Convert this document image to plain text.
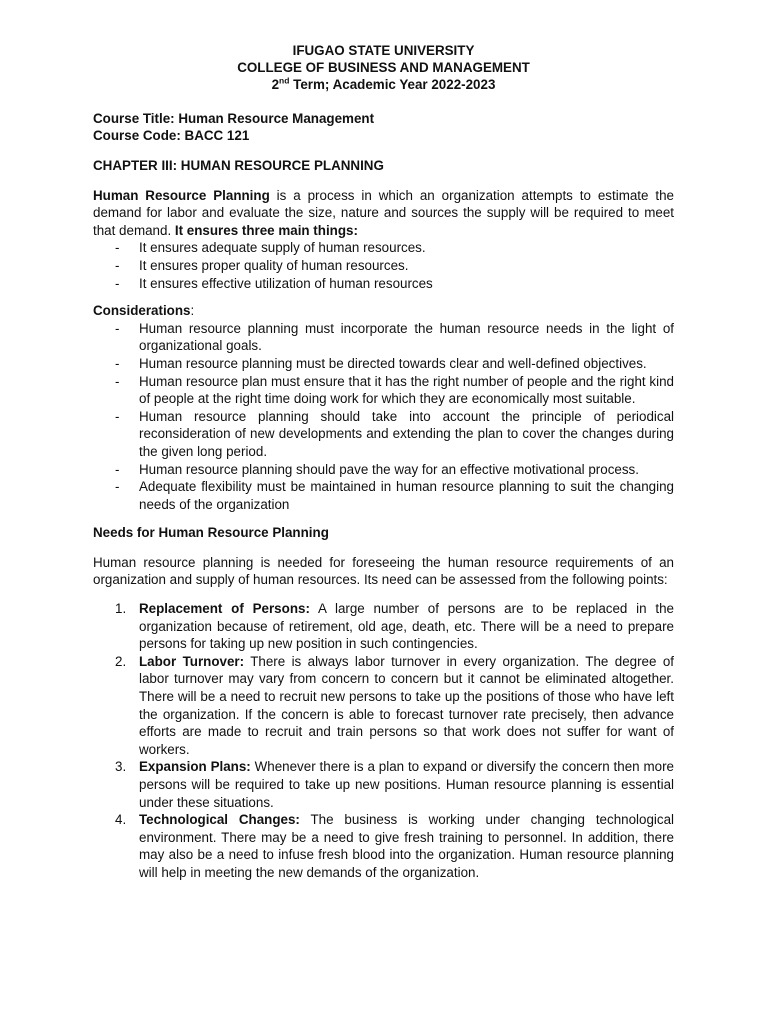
IFUGAO STATE UNIVERSITY
COLLEGE OF BUSINESS AND MANAGEMENT
2nd Term; Academic Year 2022-2023
Course Title: Human Resource Management
Course Code: BACC 121
CHAPTER III: HUMAN RESOURCE PLANNING

Human Resource Planning is a process in which an organization attempts to estimate the demand for labor and evaluate the size, nature and sources the supply will be required to meet that demand. It ensures three main things:

- It ensures adequate supply of human resources.
- It ensures proper quality of human resources.
- It ensures effective utilization of human resources

Considerations:

- Human resource planning must incorporate the human resource needs in the light of organizational goals.
- Human resource planning must be directed towards clear and well-defined objectives.
- Human resource plan must ensure that it has the right number of people and the right kind of people at the right time doing work for which they are economically most suitable.
- Human resource planning should take into account the principle of periodical reconsideration of new developments and extending the plan to cover the changes during the given long period.
- Human resource planning should pave the way for an effective motivational process.
- Adequate flexibility must be maintained in human resource planning to suit the changing needs of the organization
Needs for Human Resource Planning

Human resource planning is needed for foreseeing the human resource requirements of an organization and supply of human resources. Its need can be assessed from the following points:

1. Replacement of Persons: A large number of persons are to be replaced in the organization because of retirement, old age, death, etc. There will be a need to prepare persons for taking up new position in such contingencies.
2. Labor Turnover: There is always labor turnover in every organization. The degree of labor turnover may vary from concern to concern but it cannot be eliminated altogether. There will be a need to recruit new persons to take up the positions of those who have left the organization. If the concern is able to forecast turnover rate precisely, then advance efforts are made to recruit and train persons so that work does not suffer for want of workers.
3. Expansion Plans: Whenever there is a plan to expand or diversify the concern then more persons will be required to take up new positions. Human resource planning is essential under these situations.
4. Technological Changes: The business is working under changing technological environment. There may be a need to give fresh training to personnel. In addition, there may also be a need to infuse fresh blood into the organization. Human resource planning will help in meeting the new demands of the organization.
